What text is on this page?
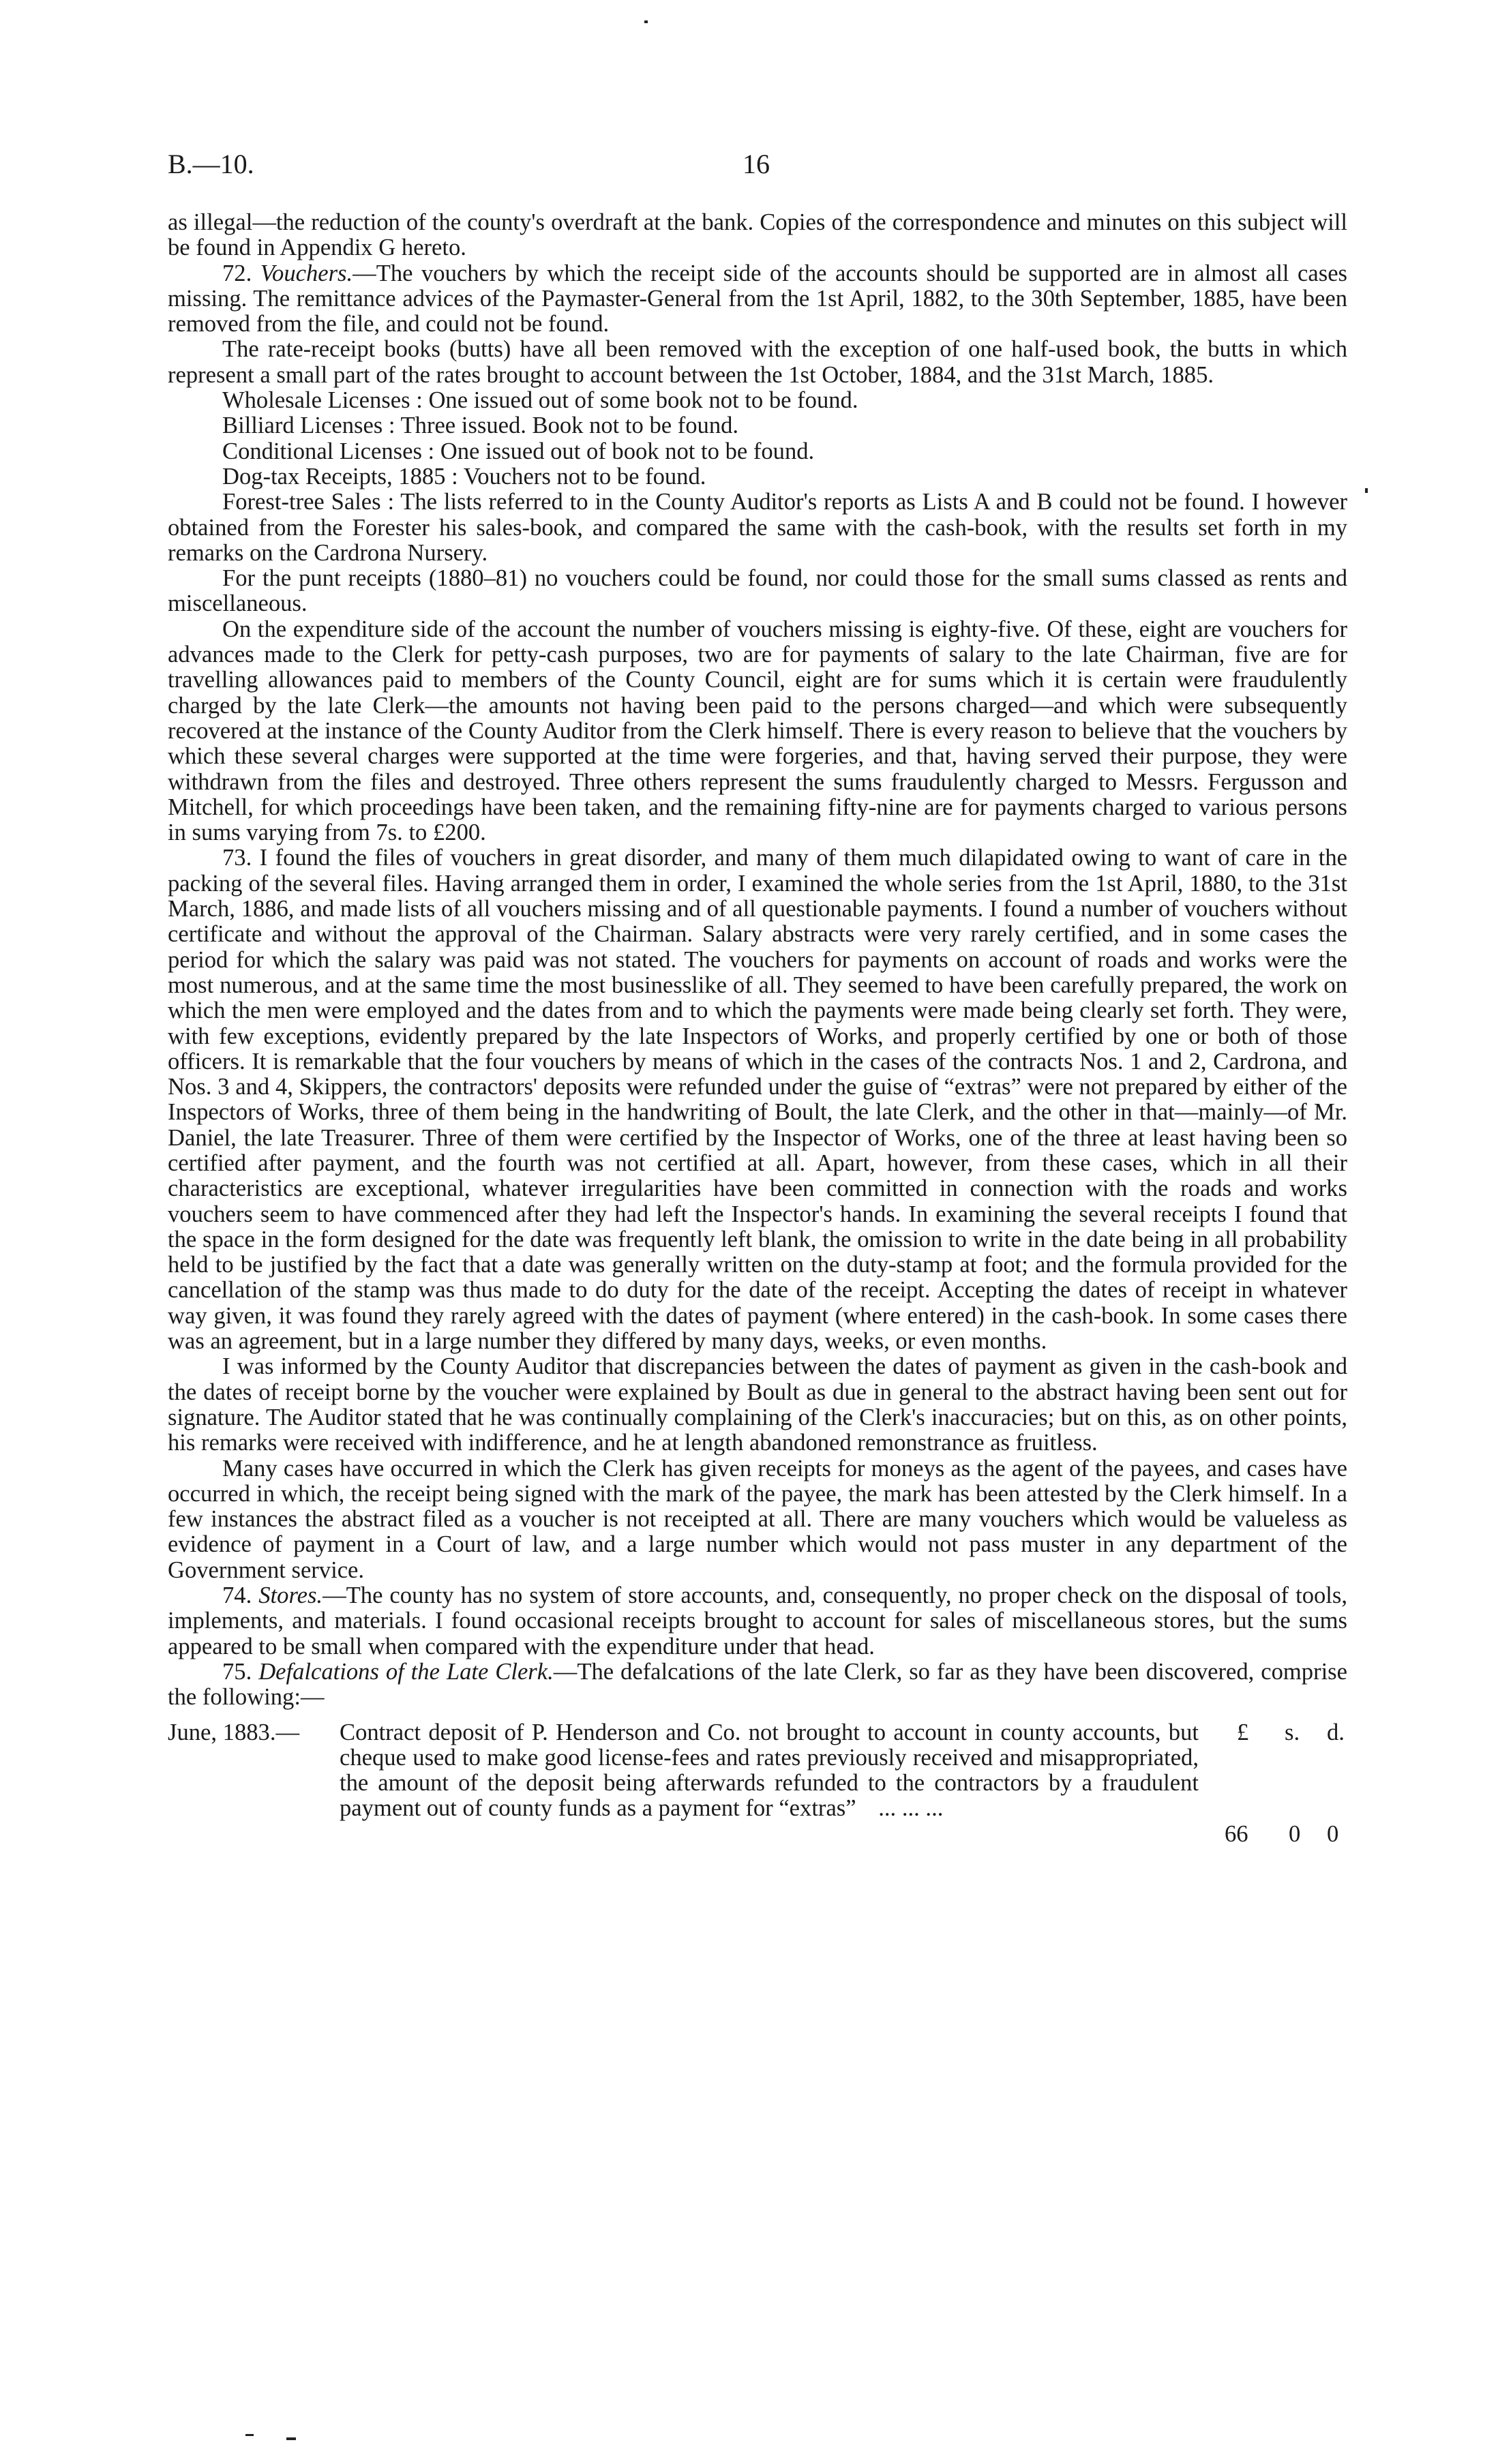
B.—10.	16

as illegal—the reduction of the county's overdraft at the bank. Copies of the correspondence and minutes on this subject will be found in Appendix G hereto.

72. Vouchers.—The vouchers by which the receipt side of the accounts should be supported are in almost all cases missing. The remittance advices of the Paymaster-General from the 1st April, 1882, to the 30th September, 1885, have been removed from the file, and could not be found.

The rate-receipt books (butts) have all been removed with the exception of one half-used book, the butts in which represent a small part of the rates brought to account between the 1st October, 1884, and the 31st March, 1885.

Wholesale Licenses : One issued out of some book not to be found.

Billiard Licenses : Three issued. Book not to be found.

Conditional Licenses : One issued out of book not to be found.

Dog-tax Receipts, 1885 : Vouchers not to be found.

Forest-tree Sales : The lists referred to in the County Auditor's reports as Lists A and B could not be found. I however obtained from the Forester his sales-book, and compared the same with the cash-book, with the results set forth in my remarks on the Cardrona Nursery.

For the punt receipts (1880–81) no vouchers could be found, nor could those for the small sums classed as rents and miscellaneous.

On the expenditure side of the account the number of vouchers missing is eighty-five. Of these, eight are vouchers for advances made to the Clerk for petty-cash purposes, two are for payments of salary to the late Chairman, five are for travelling allowances paid to members of the County Council, eight are for sums which it is certain were fraudulently charged by the late Clerk—the amounts not having been paid to the persons charged—and which were subsequently recovered at the instance of the County Auditor from the Clerk himself. There is every reason to believe that the vouchers by which these several charges were supported at the time were forgeries, and that, having served their purpose, they were withdrawn from the files and destroyed. Three others represent the sums fraudulently charged to Messrs. Fergusson and Mitchell, for which proceedings have been taken, and the remaining fifty-nine are for payments charged to various persons in sums varying from 7s. to £200.

73. I found the files of vouchers in great disorder, and many of them much dilapidated owing to want of care in the packing of the several files. Having arranged them in order, I examined the whole series from the 1st April, 1880, to the 31st March, 1886, and made lists of all vouchers missing and of all questionable payments. I found a number of vouchers without certificate and without the approval of the Chairman. Salary abstracts were very rarely certified, and in some cases the period for which the salary was paid was not stated. The vouchers for payments on account of roads and works were the most numerous, and at the same time the most businesslike of all. They seemed to have been carefully prepared, the work on which the men were employed and the dates from and to which the payments were made being clearly set forth. They were, with few exceptions, evidently prepared by the late Inspectors of Works, and properly certified by one or both of those officers. It is remarkable that the four vouchers by means of which in the cases of the contracts Nos. 1 and 2, Cardrona, and Nos. 3 and 4, Skippers, the contractors' deposits were refunded under the guise of “extras” were not prepared by either of the Inspectors of Works, three of them being in the handwriting of Boult, the late Clerk, and the other in that—mainly—of Mr. Daniel, the late Treasurer. Three of them were certified by the Inspector of Works, one of the three at least having been so certified after payment, and the fourth was not certified at all. Apart, however, from these cases, which in all their characteristics are exceptional, whatever irregularities have been committed in connection with the roads and works vouchers seem to have commenced after they had left the Inspector's hands. In examining the several receipts I found that the space in the form designed for the date was frequently left blank, the omission to write in the date being in all probability held to be justified by the fact that a date was generally written on the duty-stamp at foot; and the formula provided for the cancellation of the stamp was thus made to do duty for the date of the receipt. Accepting the dates of receipt in whatever way given, it was found they rarely agreed with the dates of payment (where entered) in the cash-book. In some cases there was an agreement, but in a large number they differed by many days, weeks, or even months.

I was informed by the County Auditor that discrepancies between the dates of payment as given in the cash-book and the dates of receipt borne by the voucher were explained by Boult as due in general to the abstract having been sent out for signature. The Auditor stated that he was continually complaining of the Clerk's inaccuracies; but on this, as on other points, his remarks were received with indifference, and he at length abandoned remonstrance as fruitless.

Many cases have occurred in which the Clerk has given receipts for moneys as the agent of the payees, and cases have occurred in which, the receipt being signed with the mark of the payee, the mark has been attested by the Clerk himself. In a few instances the abstract filed as a voucher is not receipted at all. There are many vouchers which would be valueless as evidence of payment in a Court of law, and a large number which would not pass muster in any department of the Government service.

74. Stores.—The county has no system of store accounts, and, consequently, no proper check on the disposal of tools, implements, and materials. I found occasional receipts brought to account for sales of miscellaneous stores, but the sums appeared to be small when compared with the expenditure under that head.

75. Defalcations of the Late Clerk.—The defalcations of the late Clerk, so far as they have been discovered, comprise the following:—

June, 1883.— Contract deposit of P. Henderson and Co. not brought to account in county accounts, but cheque used to make good license-fees and rates previously received and misappropriated, the amount of the deposit being afterwards refunded to the contractors by a fraudulent payment out of county funds as a payment for “extras” ... ... ...
£ s. d.
66 0 0
